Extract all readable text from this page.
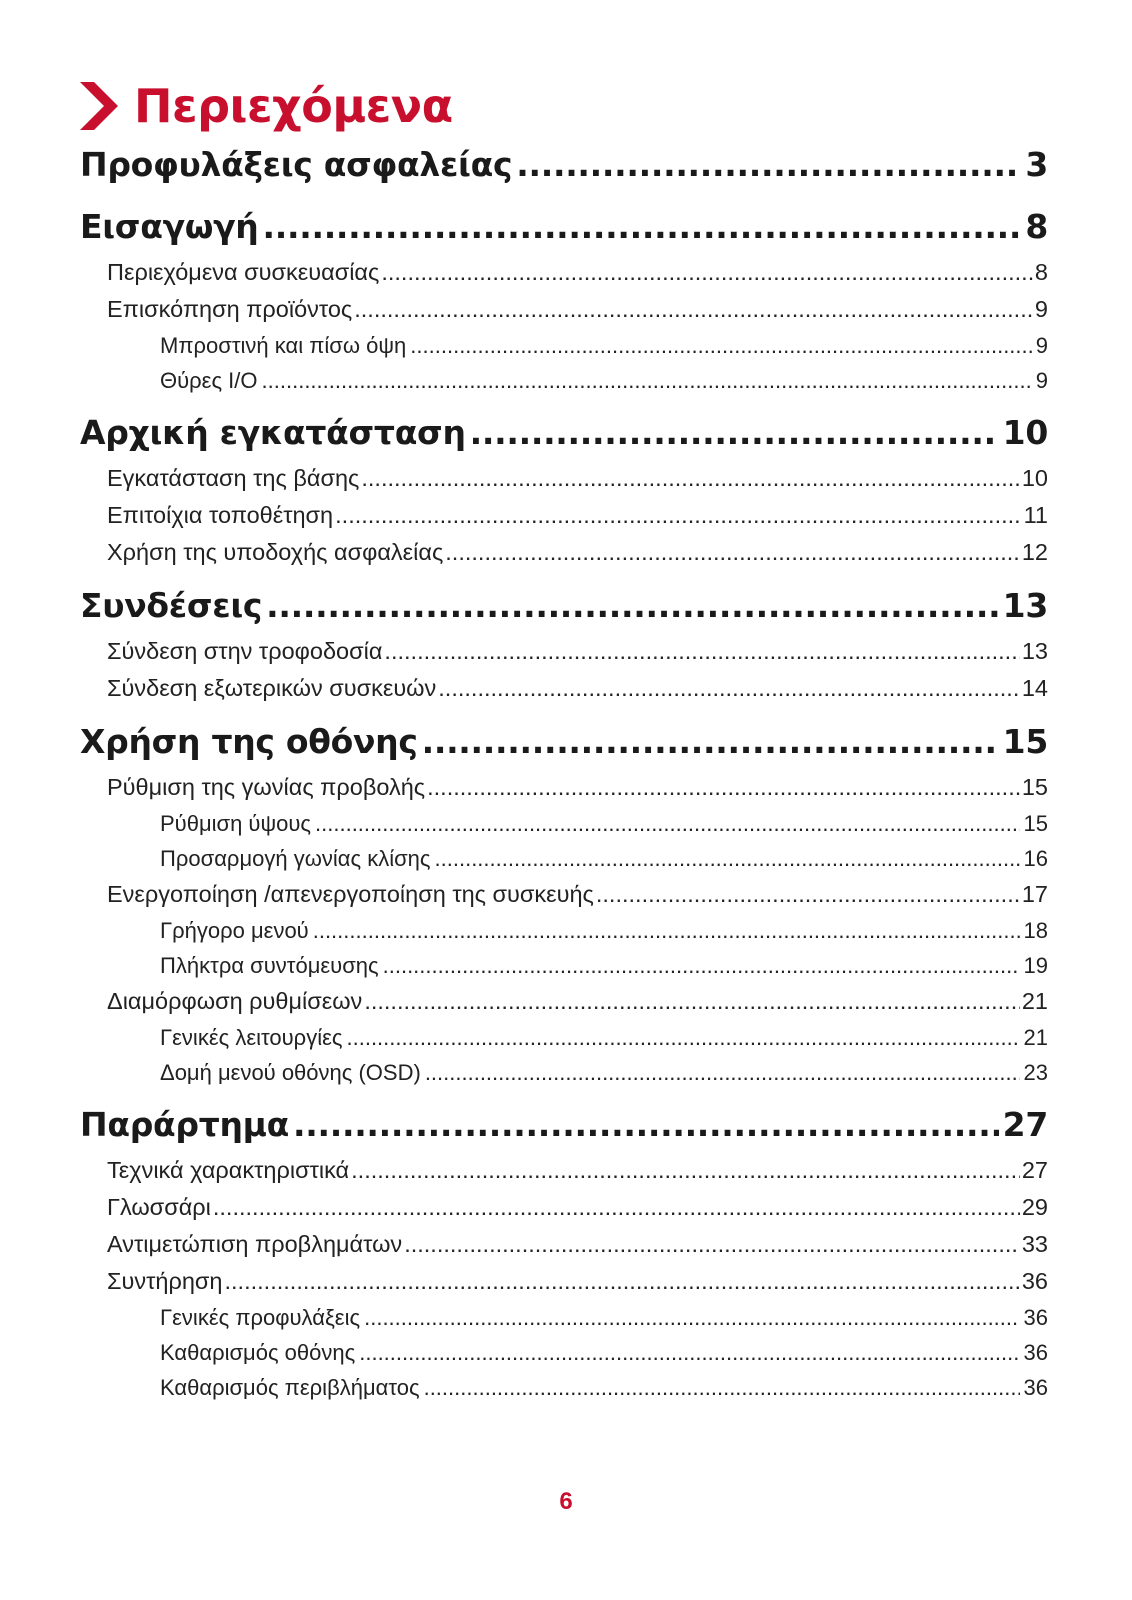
Περιεχόμενα
Προφυλάξεις ασφαλείας .....	3
Εισαγωγή .....	8
Περιεχόμενα συσκευασίας .....	8
Επισκόπηση προϊόντος .....	9
Μπροστινή και πίσω όψη .....	9
Θύρες I/O .....	9
Αρχική εγκατάσταση .....	10
Εγκατάσταση της βάσης .....	10
Επιτοίχια τοποθέτηση .....	11
Χρήση της υποδοχής ασφαλείας .....	12
Συνδέσεις .....	13
Σύνδεση στην τροφοδοσία .....	13
Σύνδεση εξωτερικών συσκευών .....	14
Χρήση της οθόνης .....	15
Ρύθμιση της γωνίας προβολής .....	15
Ρύθμιση ύψους .....	15
Προσαρμογή γωνίας κλίσης .....	16
Ενεργοποίηση /απενεργοποίηση της συσκευής .....	17
Γρήγορο μενού .....	18
Πλήκτρα συντόμευσης .....	19
Διαμόρφωση ρυθμίσεων .....	21
Γενικές λειτουργίες .....	21
Δομή μενού οθόνης (OSD) .....	23
Παράρτημα .....	27
Τεχνικά χαρακτηριστικά .....	27
Γλωσσάρι .....	29
Αντιμετώπιση προβλημάτων .....	33
Συντήρηση .....	36
Γενικές προφυλάξεις .....	36
Καθαρισμός οθόνης .....	36
Καθαρισμός περιβλήματος .....	36
6
